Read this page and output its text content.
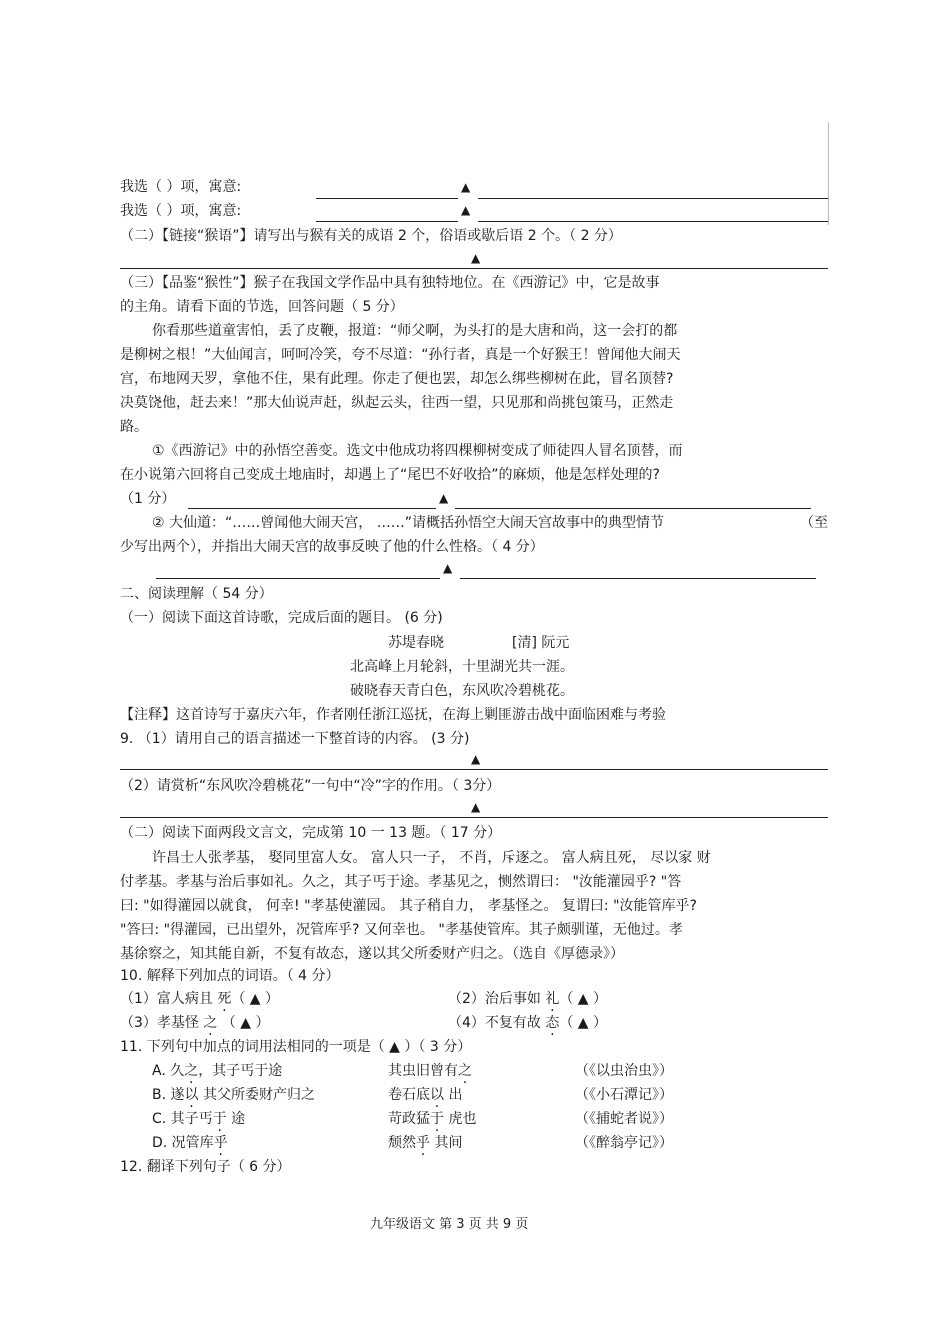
我选（ ）项，寓意:	▲
我选（ ）项，寓意:	▲
（二）【链接“猴语”】请写出与猴有关的成语 2 个，俗语或歇后语 2 个。（ 2 分）
▲
（三）【品鉴“猴性”】猴子在我国文学作品中具有独特地位。在《西游记》中，它是故事
的主角。请看下面的节选，回答问题（ 5 分）
你看那些道童害怕，丢了皮鞭，报道：“师父啊，为头打的是大唐和尚，这一会打的都
是柳树之根！”大仙闻言，呵呵冷笑，夸不尽道：“孙行者，真是一个好猴王！曾闻他大闹天
宫，布地网天罗，拿他不住，果有此理。你走了便也罢，却怎么绑些柳树在此，冒名顶替?
决莫饶他，赶去来！”那大仙说声赶，纵起云头，往西一望，只见那和尚挑包策马，正然走
路。
①《西游记》中的孙悟空善变。选文中他成功将四棵柳树变成了师徒四人冒名顶替，而
在小说第六回将自己变成土地庙时，却遇上了“尾巴不好收拾”的麻烦，他是怎样处理的?
（1 分）	▲
② 大仙道：“……曾闻他大闹天宫， ……”请概括孙悟空大闹天宫故事中的典型情节	（至
少写出两个），并指出大闹天宫的故事反映了他的什么性格。（ 4 分）
▲
二、阅读理解（ 54 分）
（一）阅读下面这首诗歌，完成后面的题目。 (6 分)
苏堤春晓	[清] 阮元
北高峰上月轮斜，十里湖光共一涯。
破晓春天青白色，东风吹冷碧桃花。
【注释】这首诗写于嘉庆六年，作者刚任浙江巡抚，在海上剿匪游击战中面临困难与考验
9. （1）请用自己的语言描述一下整首诗的内容。 (3 分)
▲
（2）请赏析“东风吹冷碧桃花”一句中“冷”字的作用。（ 3分）
▲
（二）阅读下面两段文言文，完成第 10 一 13 题。（ 17 分）
许昌士人张孝基， 娶同里富人女。 富人只一子， 不肖，斥逐之。 富人病且死， 尽以家 财
付孝基。孝基与治后事如礼。久之，其子丐于途。孝基见之，恻然谓曰： "汝能灌园乎? "答
曰: "如得灌园以就食， 何幸! "孝基使灌园。 其子稍自力， 孝基怪之。 复谓曰: "汝能管库乎?
"答曰: "得灌园，已出望外，况管库乎? 又何幸也。 "孝基使管库。其子颇驯谨，无他过。孝
基徐察之，知其能自新，不复有故态，遂以其父所委财产归之。（选自《厚德录》）
10. 解释下列加点的词语。（ 4 分）
（1）富人病且 死（ ▲ ）	（2）治后事如 礼（ ▲ ）
（3）孝基怪 之 （ ▲ ）	（4）不复有故 态（ ▲ ）
11. 下列句中加点的词用法相同的一项是（ ▲ ）（ 3 分）
A. 久之，其子丐于途	其虫旧曾有之	（《以虫治虫》）
B. 遂以 其父所委财产归之	卷石底以 出	（《小石潭记》）
C. 其子丐于 途	苛政猛于 虎也	（《捕蛇者说》）
D. 况管库乎	颓然乎 其间	（《醉翁亭记》）
12. 翻译下列句子（ 6 分）
九年级语文 第 3 页 共 9 页
